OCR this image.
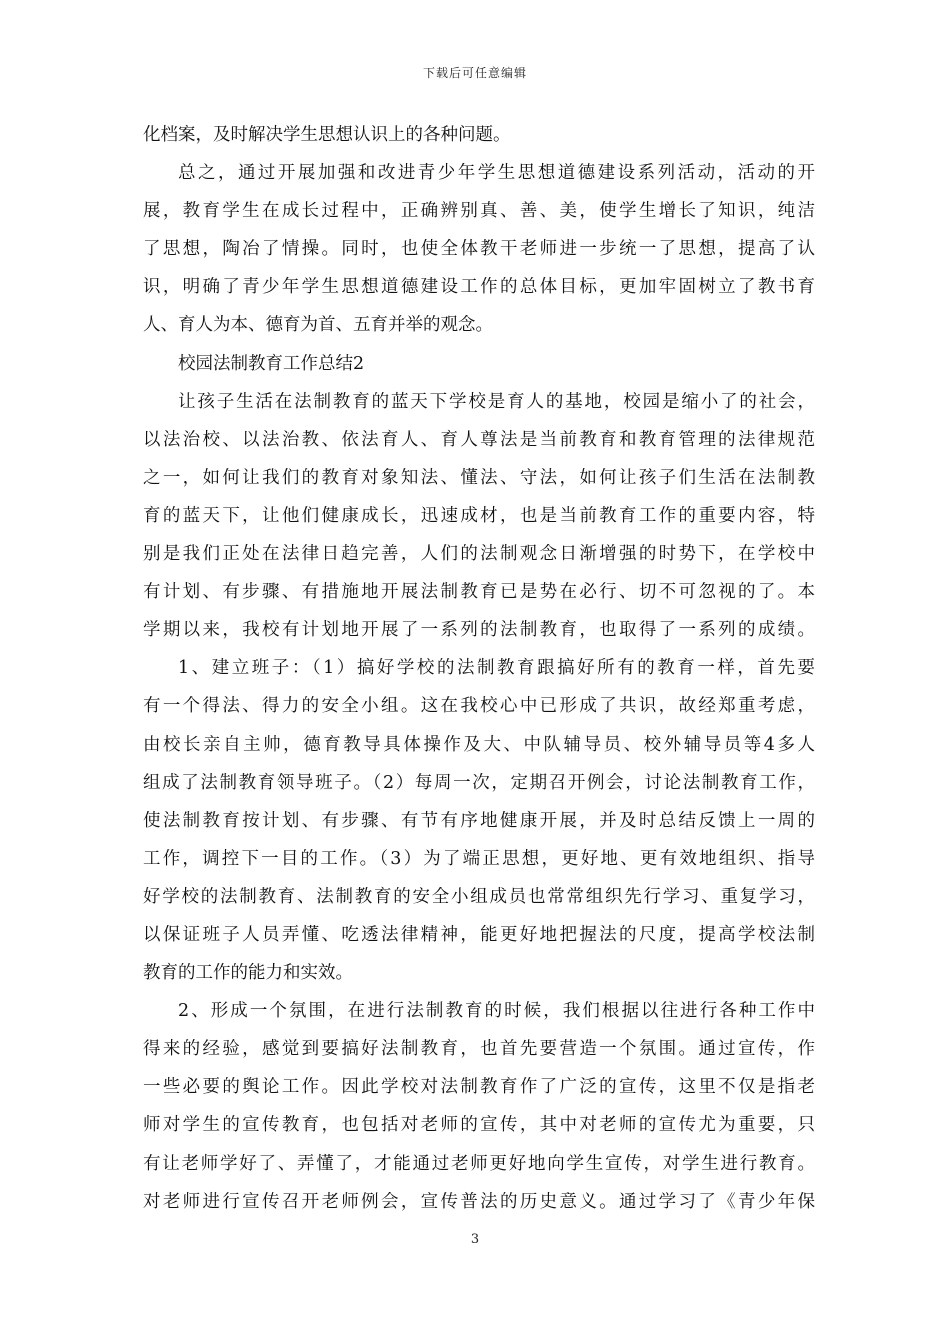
下载后可任意编辑
化档案，及时解决学生思想认识上的各种问题。
总之，通过开展加强和改进青少年学生思想道德建设系列活动，活动的开
展，教育学生在成长过程中，正确辨别真、善、美，使学生增长了知识，纯洁
了思想，陶冶了情操。同时，也使全体教干老师进一步统一了思想，提高了认
识，明确了青少年学生思想道德建设工作的总体目标，更加牢固树立了教书育
人、育人为本、德育为首、五育并举的观念。
校园法制教育工作总结2
让孩子生活在法制教育的蓝天下学校是育人的基地，校园是缩小了的社会，
以法治校、以法治教、依法育人、育人尊法是当前教育和教育管理的法律规范
之一，如何让我们的教育对象知法、懂法、守法，如何让孩子们生活在法制教
育的蓝天下，让他们健康成长，迅速成材，也是当前教育工作的重要内容，特
别是我们正处在法律日趋完善，人们的法制观念日渐增强的时势下，在学校中
有计划、有步骤、有措施地开展法制教育已是势在必行、切不可忽视的了。本
学期以来，我校有计划地开展了一系列的法制教育，也取得了一系列的成绩。
1、建立班子：（1）搞好学校的法制教育跟搞好所有的教育一样，首先要
有一个得法、得力的安全小组。这在我校心中已形成了共识，故经郑重考虑，
由校长亲自主帅，德育教导具体操作及大、中队辅导员、校外辅导员等4多人
组成了法制教育领导班子。（2）每周一次，定期召开例会，讨论法制教育工作，
使法制教育按计划、有步骤、有节有序地健康开展，并及时总结反馈上一周的
工作，调控下一目的工作。（3）为了端正思想，更好地、更有效地组织、指导
好学校的法制教育、法制教育的安全小组成员也常常组织先行学习、重复学习，
以保证班子人员弄懂、吃透法律精神，能更好地把握法的尺度，提高学校法制
教育的工作的能力和实效。
2、形成一个氛围，在进行法制教育的时候，我们根据以往进行各种工作中
得来的经验，感觉到要搞好法制教育，也首先要营造一个氛围。通过宣传，作
一些必要的舆论工作。因此学校对法制教育作了广泛的宣传，这里不仅是指老
师对学生的宣传教育，也包括对老师的宣传，其中对老师的宣传尤为重要，只
有让老师学好了、弄懂了，才能通过老师更好地向学生宣传，对学生进行教育。
对老师进行宣传召开老师例会，宣传普法的历史意义。通过学习了《青少年保
3
